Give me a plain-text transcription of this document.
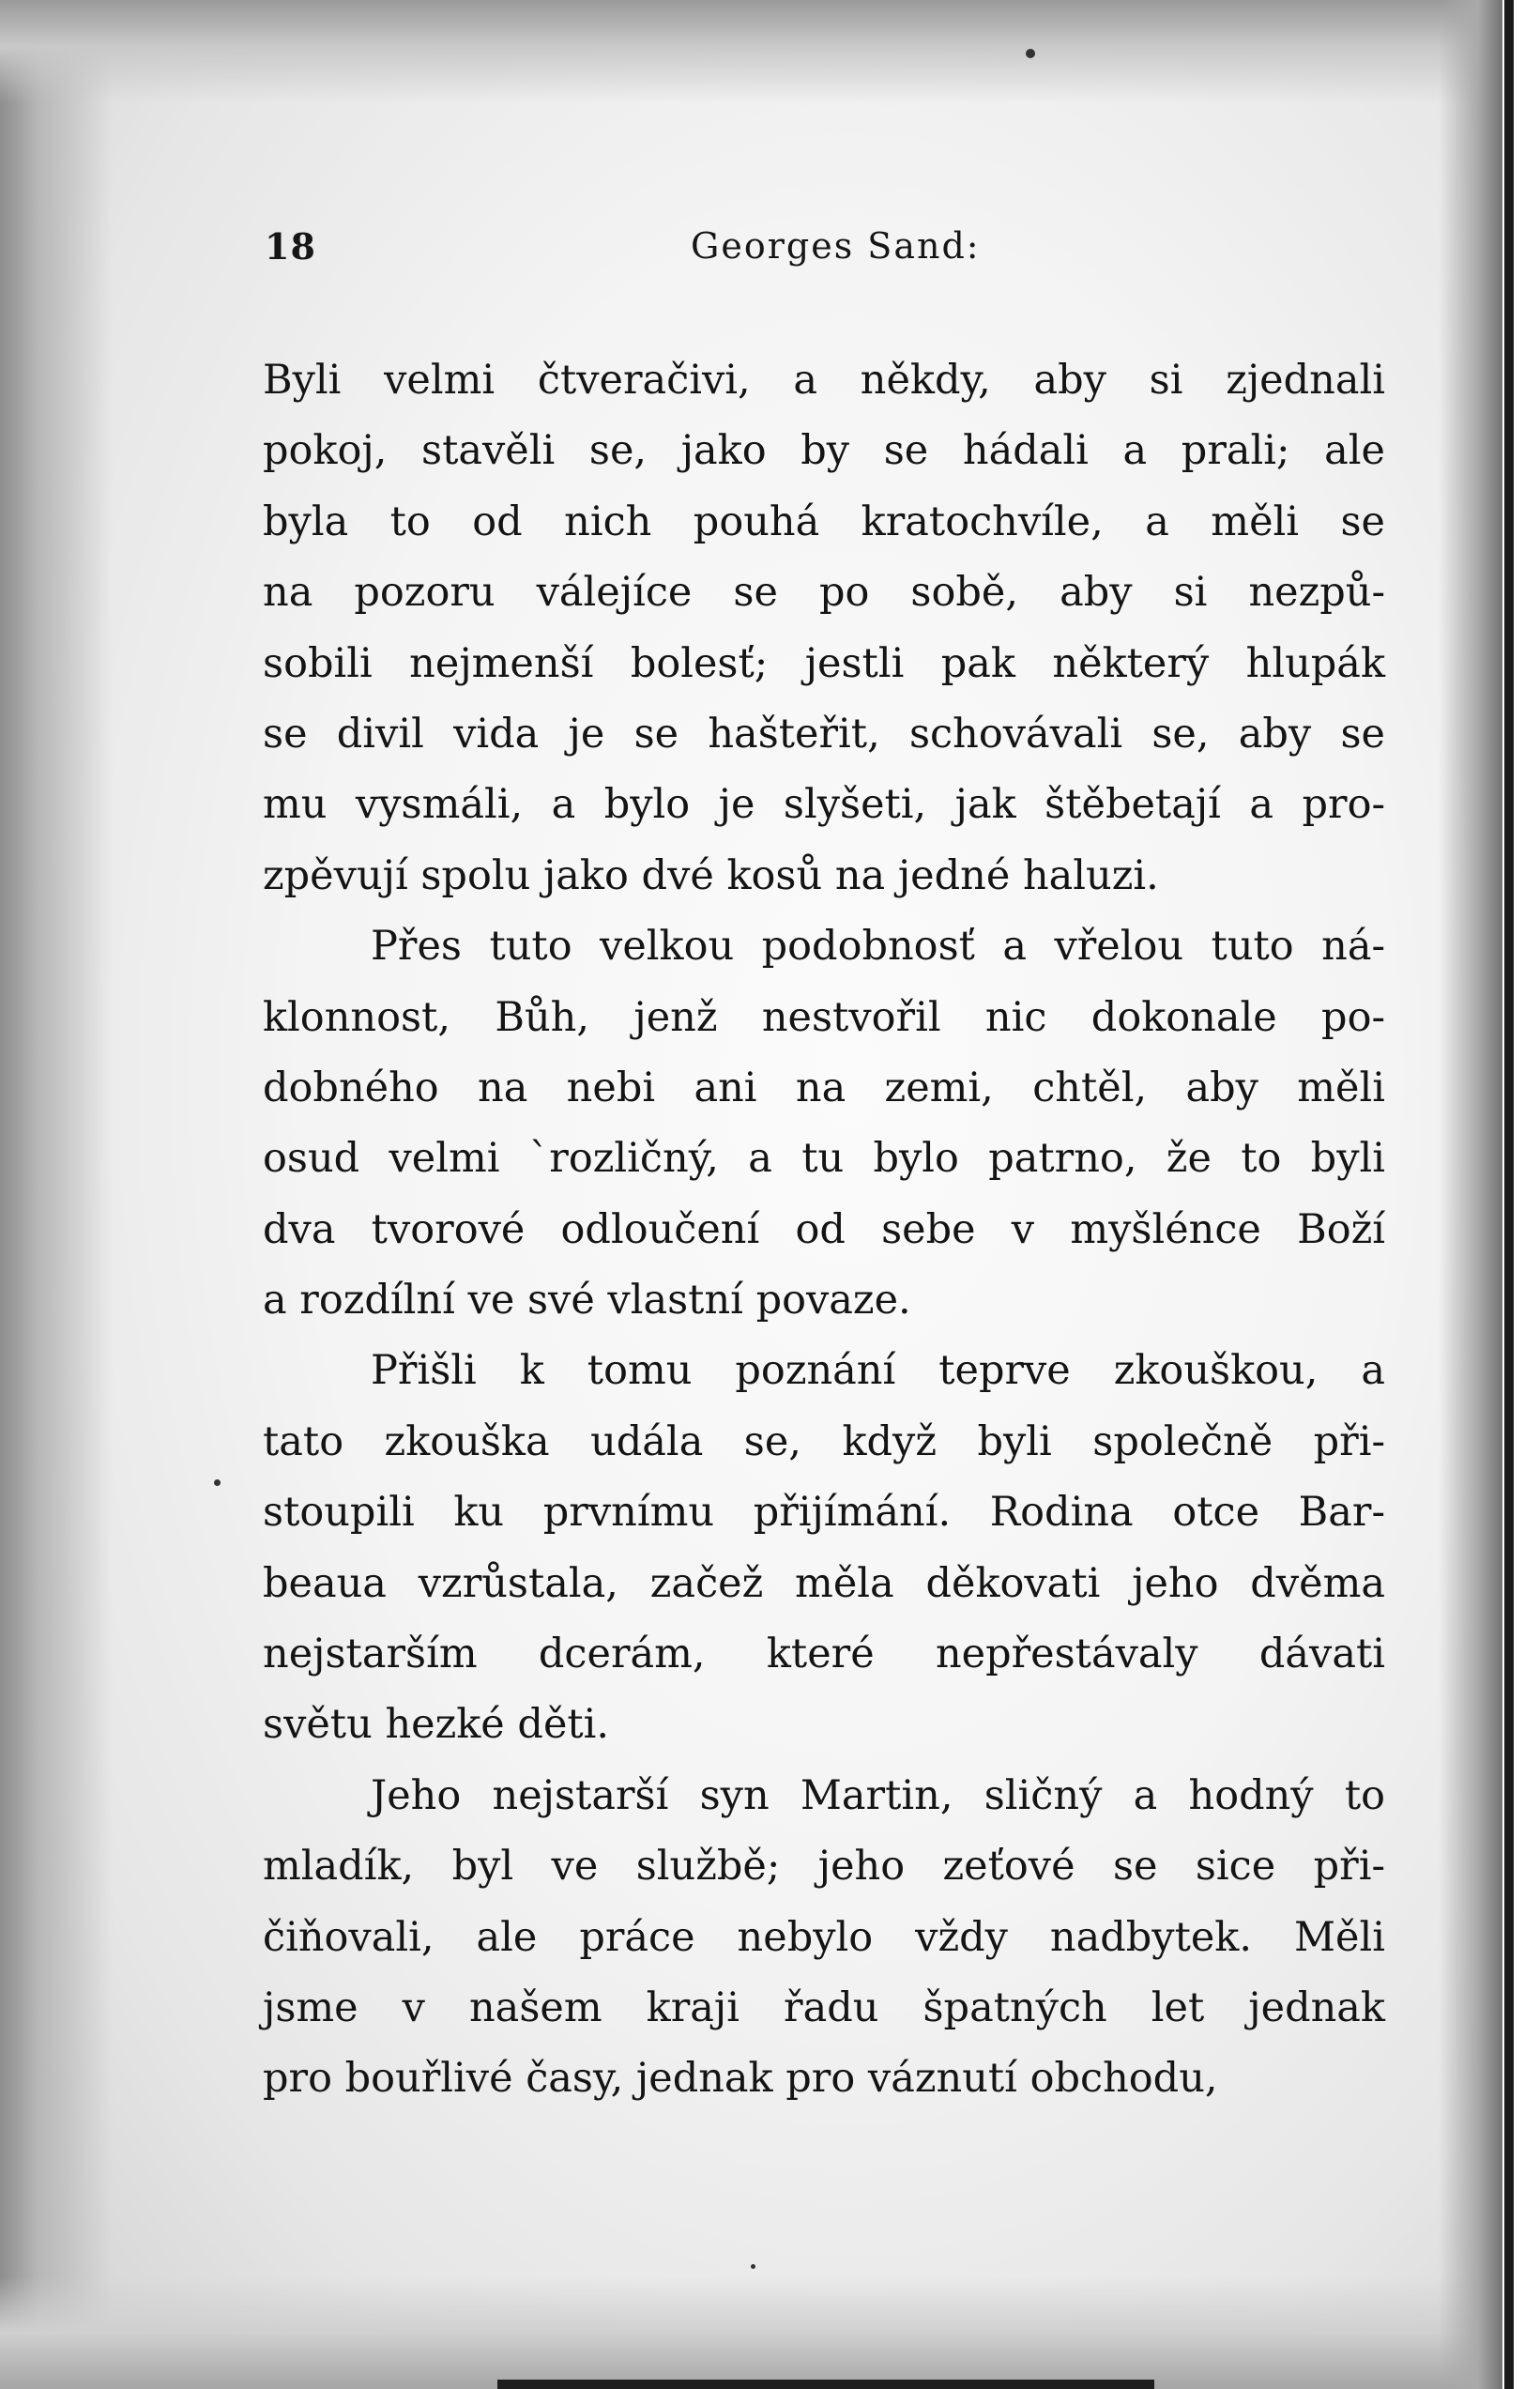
18	Georges Sand:
Byli velmi čtveračivi, a někdy, aby si zjednali
pokoj, stavěli se, jako by se hádali a prali; ale
byla to od nich pouhá kratochvíle, a měli se
na pozoru válejíce se po sobě, aby si nezpů-
sobili nejmenší bolesť; jestli pak některý hlupák
se divil vida je se hašteřit, schovávali se, aby se
mu vysmáli, a bylo je slyšeti, jak štěbetají a pro-
zpěvují spolu jako dvé kosů na jedné haluzi.
Přes tuto velkou podobnosť a vřelou tuto ná-
klonnost, Bůh, jenž nestvořil nic dokonale po-
dobného na nebi ani na zemi, chtěl, aby měli
osud velmi `rozličný, a tu bylo patrno, že to byli
dva tvorové odloučení od sebe v myšlénce Boží
a rozdílní ve své vlastní povaze.
Přišli k tomu poznání teprve zkouškou, a
tato zkouška udála se, když byli společně při-
stoupili ku prvnímu přijímání. Rodina otce Bar-
beaua vzrůstala, začež měla děkovati jeho dvěma
nejstarším dcerám, které nepřestávaly dávati
světu hezké děti.
Jeho nejstarší syn Martin, sličný a hodný to
mladík, byl ve službě; jeho zeťové se sice při-
čiňovali, ale práce nebylo vždy nadbytek. Měli
jsme v našem kraji řadu špatných let jednak
pro bouřlivé časy, jednak pro váznutí obchodu,
